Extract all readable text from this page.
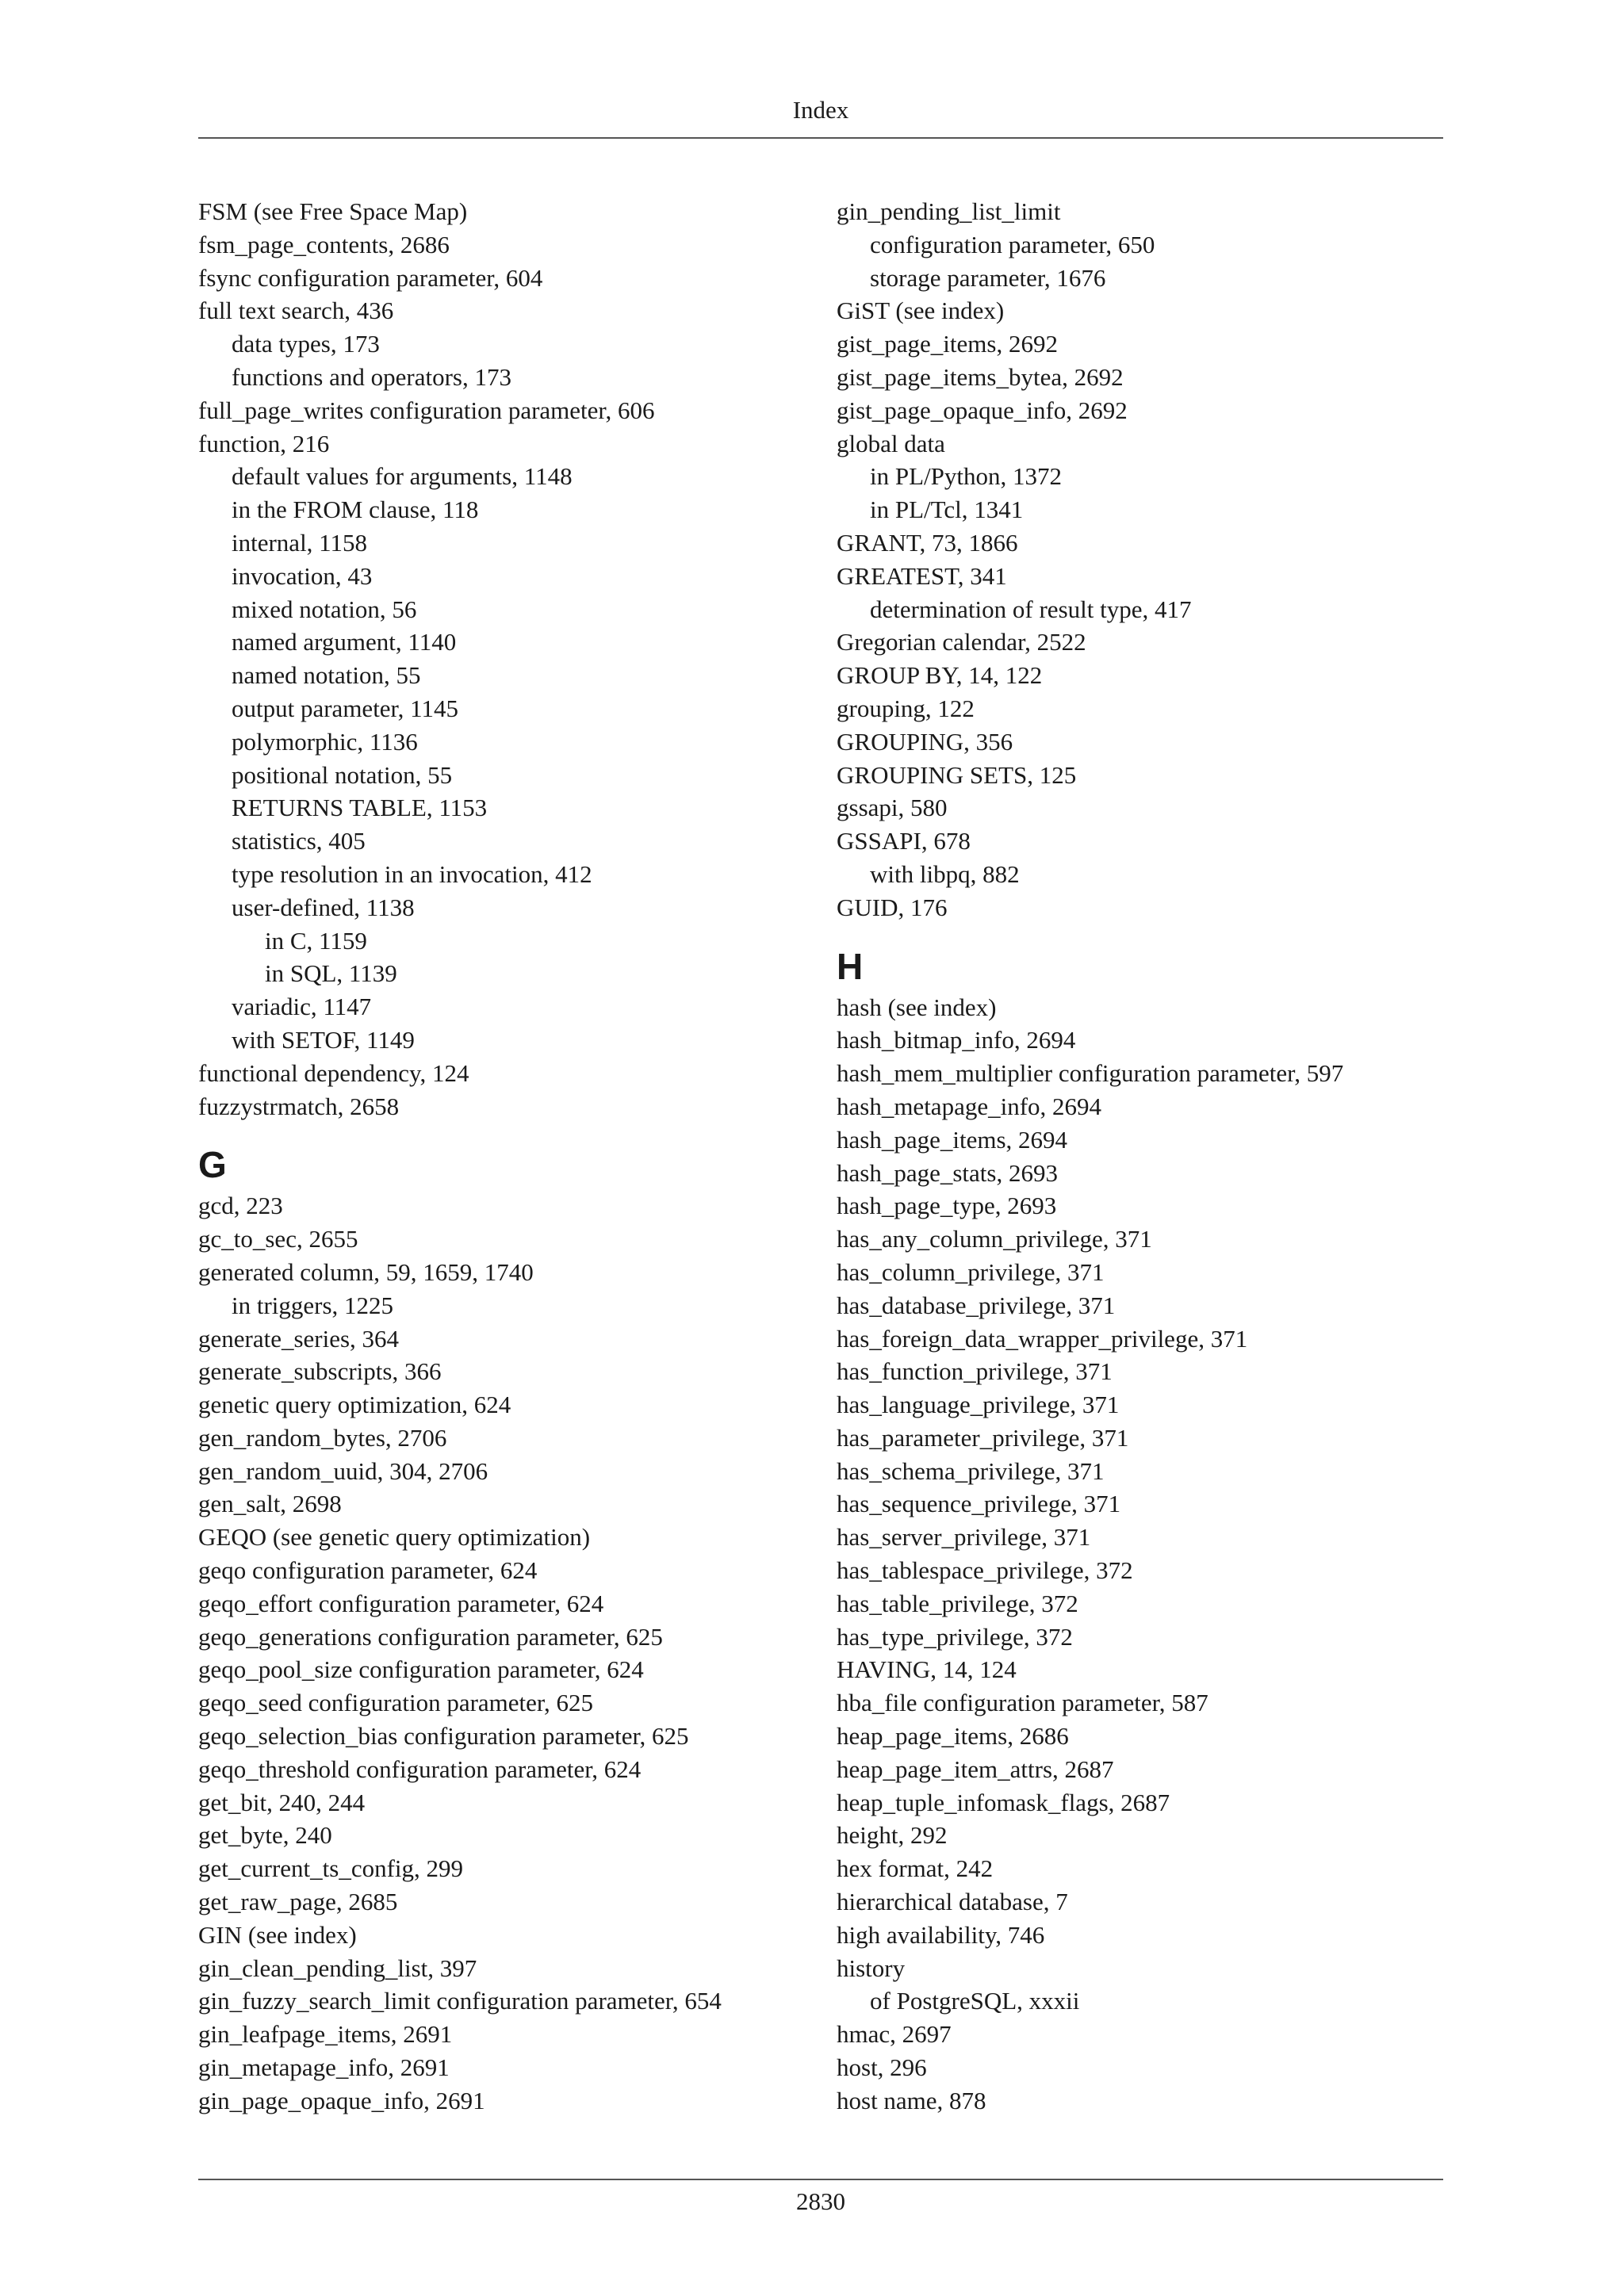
Index
FSM (see Free Space Map)
fsm_page_contents, 2686
fsync configuration parameter, 604
full text search, 436
data types, 173
functions and operators, 173
full_page_writes configuration parameter, 606
function, 216
default values for arguments, 1148
in the FROM clause, 118
internal, 1158
invocation, 43
mixed notation, 56
named argument, 1140
named notation, 55
output parameter, 1145
polymorphic, 1136
positional notation, 55
RETURNS TABLE, 1153
statistics, 405
type resolution in an invocation, 412
user-defined, 1138
in C, 1159
in SQL, 1139
variadic, 1147
with SETOF, 1149
functional dependency, 124
fuzzystrmatch, 2658
G
gcd, 223
gc_to_sec, 2655
generated column, 59, 1659, 1740
in triggers, 1225
generate_series, 364
generate_subscripts, 366
genetic query optimization, 624
gen_random_bytes, 2706
gen_random_uuid, 304, 2706
gen_salt, 2698
GEQO (see genetic query optimization)
geqo configuration parameter, 624
geqo_effort configuration parameter, 624
geqo_generations configuration parameter, 625
geqo_pool_size configuration parameter, 624
geqo_seed configuration parameter, 625
geqo_selection_bias configuration parameter, 625
geqo_threshold configuration parameter, 624
get_bit, 240, 244
get_byte, 240
get_current_ts_config, 299
get_raw_page, 2685
GIN (see index)
gin_clean_pending_list, 397
gin_fuzzy_search_limit configuration parameter, 654
gin_leafpage_items, 2691
gin_metapage_info, 2691
gin_page_opaque_info, 2691
gin_pending_list_limit
configuration parameter, 650
storage parameter, 1676
GiST (see index)
gist_page_items, 2692
gist_page_items_bytea, 2692
gist_page_opaque_info, 2692
global data
in PL/Python, 1372
in PL/Tcl, 1341
GRANT, 73, 1866
GREATEST, 341
determination of result type, 417
Gregorian calendar, 2522
GROUP BY, 14, 122
grouping, 122
GROUPING, 356
GROUPING SETS, 125
gssapi, 580
GSSAPI, 678
with libpq, 882
GUID, 176
H
hash (see index)
hash_bitmap_info, 2694
hash_mem_multiplier configuration parameter, 597
hash_metapage_info, 2694
hash_page_items, 2694
hash_page_stats, 2693
hash_page_type, 2693
has_any_column_privilege, 371
has_column_privilege, 371
has_database_privilege, 371
has_foreign_data_wrapper_privilege, 371
has_function_privilege, 371
has_language_privilege, 371
has_parameter_privilege, 371
has_schema_privilege, 371
has_sequence_privilege, 371
has_server_privilege, 371
has_tablespace_privilege, 372
has_table_privilege, 372
has_type_privilege, 372
HAVING, 14, 124
hba_file configuration parameter, 587
heap_page_items, 2686
heap_page_item_attrs, 2687
heap_tuple_infomask_flags, 2687
height, 292
hex format, 242
hierarchical database, 7
high availability, 746
history
of PostgreSQL, xxxii
hmac, 2697
host, 296
host name, 878
2830
